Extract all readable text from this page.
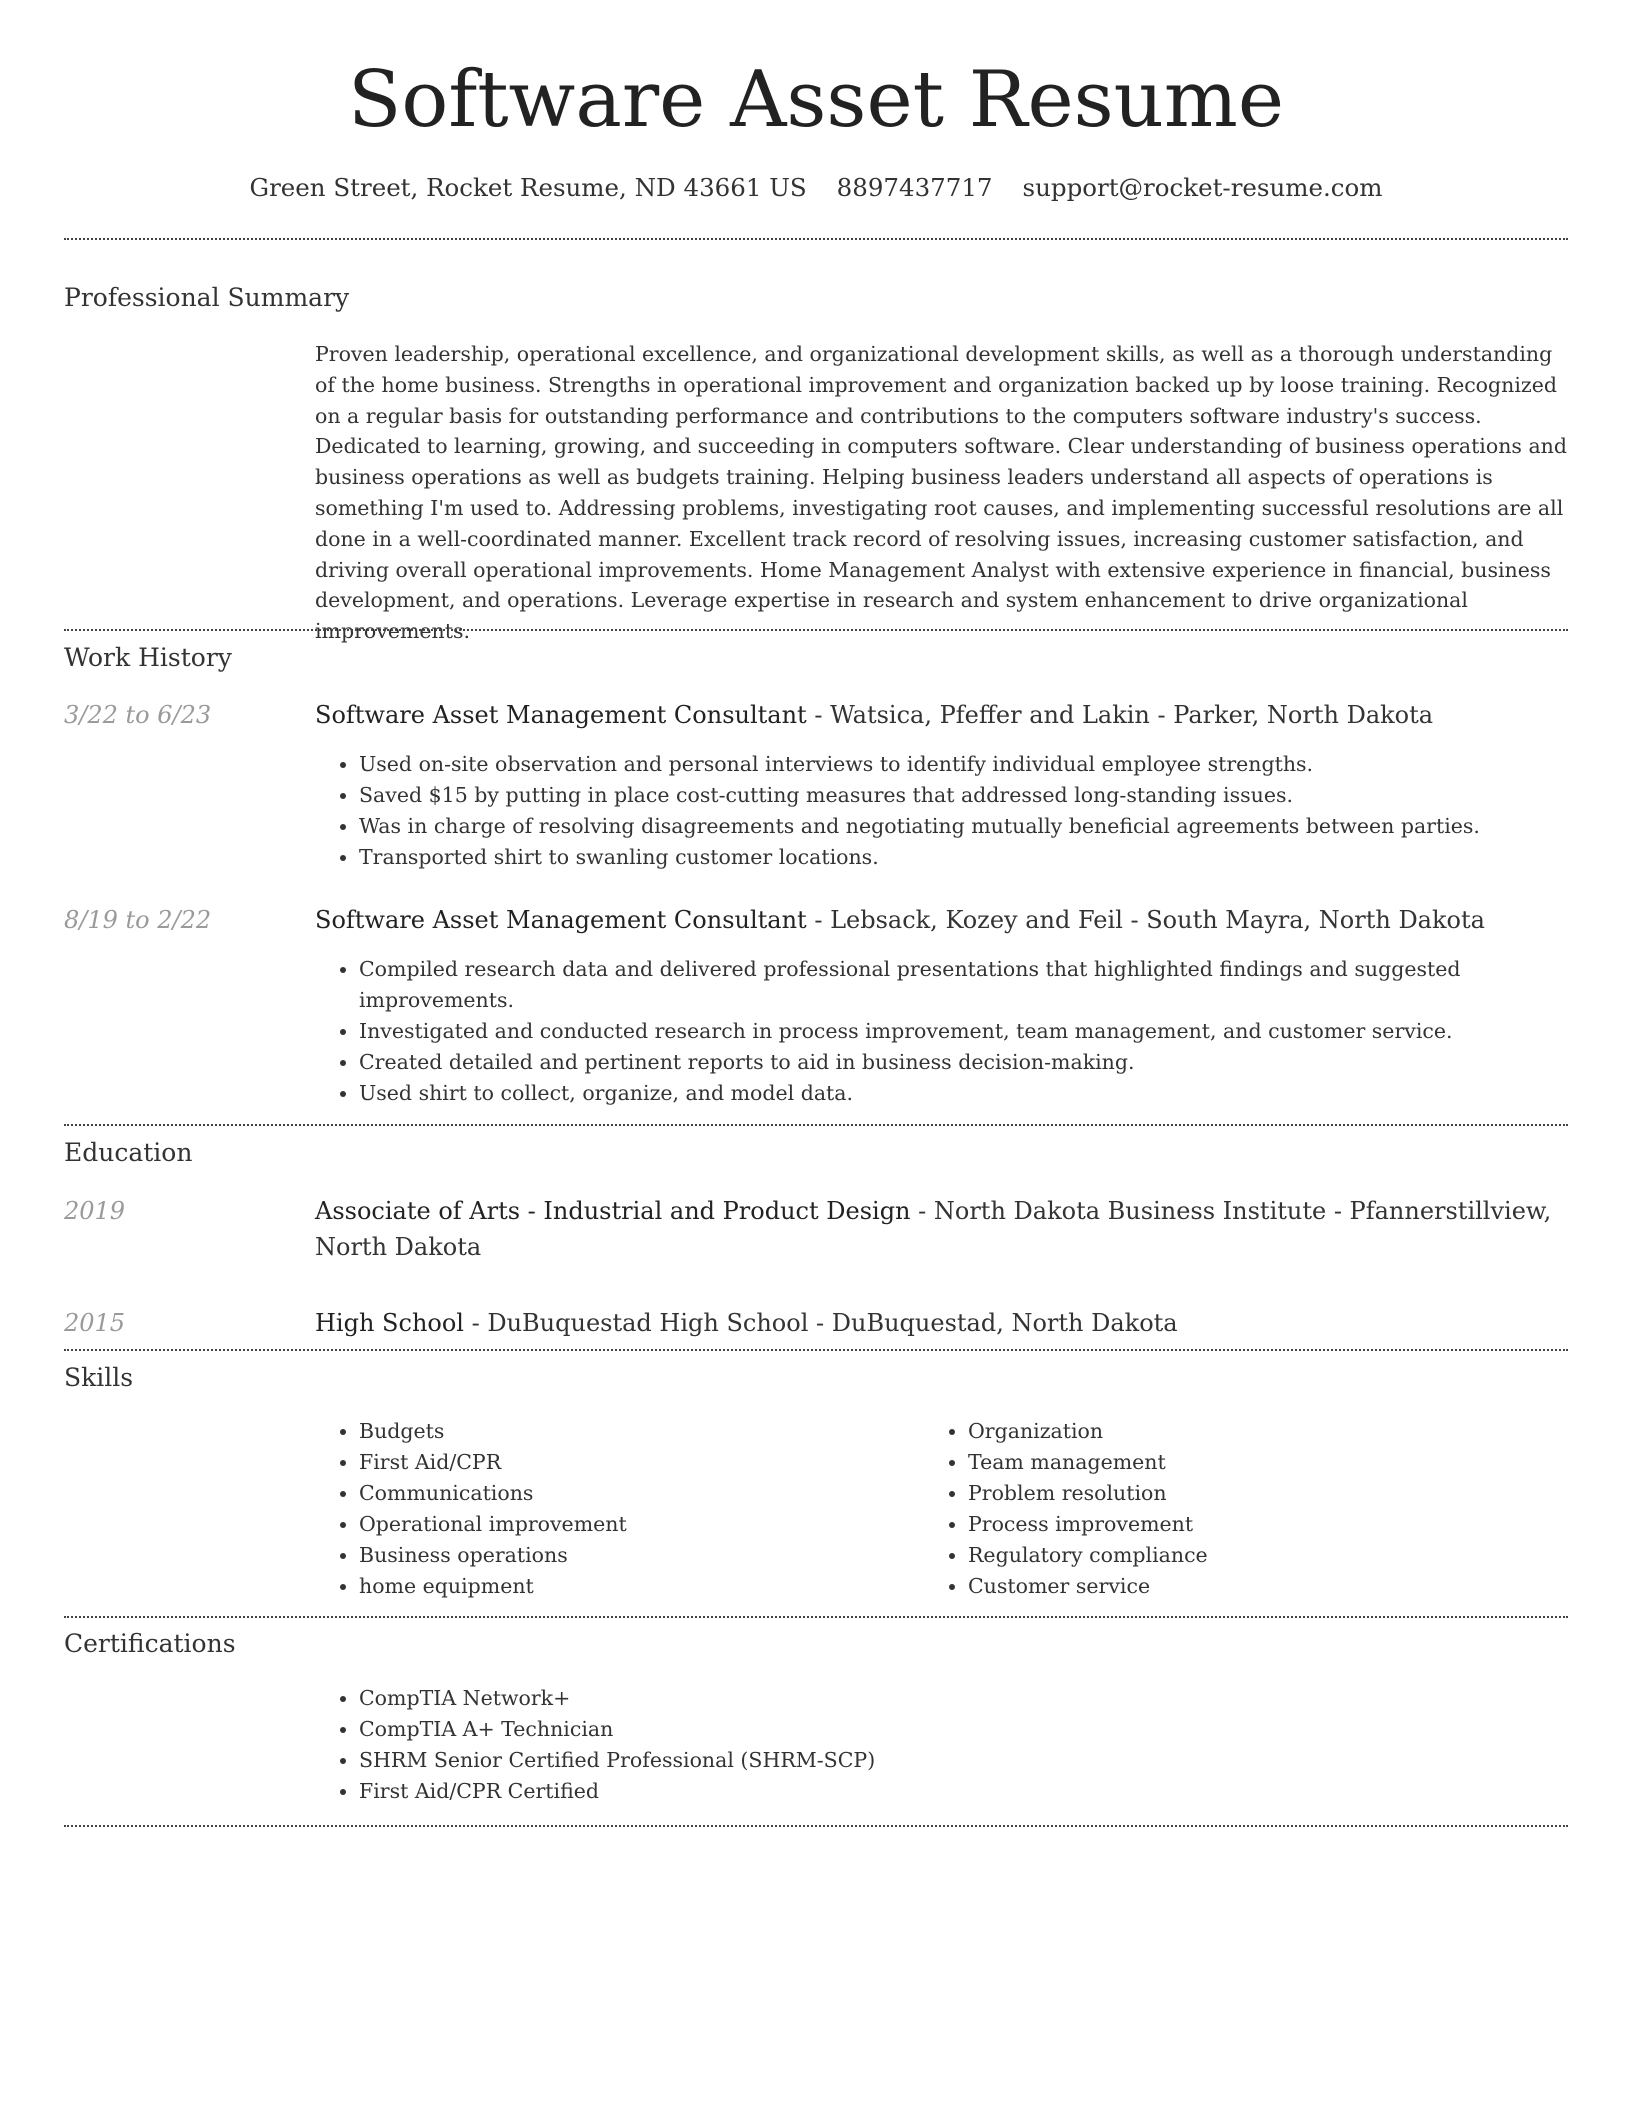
Software Asset Resume
Green Street, Rocket Resume, ND 43661 US 8897437717 support@rocket-resume.com
Professional Summary

Proven leadership, operational excellence, and organizational development skills, as well as a thorough understanding of the home business. Strengths in operational improvement and organization backed up by loose training. Recognized on a regular basis for outstanding performance and contributions to the computers software industry's success. Dedicated to learning, growing, and succeeding in computers software. Clear understanding of business operations and business operations as well as budgets training. Helping business leaders understand all aspects of operations is something I'm used to. Addressing problems, investigating root causes, and implementing successful resolutions are all done in a well-coordinated manner. Excellent track record of resolving issues, increasing customer satisfaction, and driving overall operational improvements. Home Management Analyst with extensive experience in financial, business development, and operations. Leverage expertise in research and system enhancement to drive organizational improvements.

Work History
3/22 to 6/23	Software Asset Management Consultant - Watsica, Pfeffer and Lakin - Parker, North Dakota
• Used on-site observation and personal interviews to identify individual employee strengths.
• Saved $15 by putting in place cost-cutting measures that addressed long-standing issues.
• Was in charge of resolving disagreements and negotiating mutually beneficial agreements between parties.
• Transported shirt to swanling customer locations.
8/19 to 2/22	Software Asset Management Consultant - Lebsack, Kozey and Feil - South Mayra, North Dakota
• Compiled research data and delivered professional presentations that highlighted findings and suggested improvements.
• Investigated and conducted research in process improvement, team management, and customer service.
• Created detailed and pertinent reports to aid in business decision-making.
• Used shirt to collect, organize, and model data.
Education
2019	Associate of Arts - Industrial and Product Design - North Dakota Business Institute - Pfannerstillview, North Dakota
2015	High School - DuBuquestad High School - DuBuquestad, North Dakota
Skills
• Budgets
• First Aid/CPR
• Communications
• Operational improvement
• Business operations
• home equipment
• Organization
• Team management
• Problem resolution
• Process improvement
• Regulatory compliance
• Customer service
Certifications
• CompTIA Network+
• CompTIA A+ Technician
• SHRM Senior Certified Professional (SHRM-SCP)
• First Aid/CPR Certified
